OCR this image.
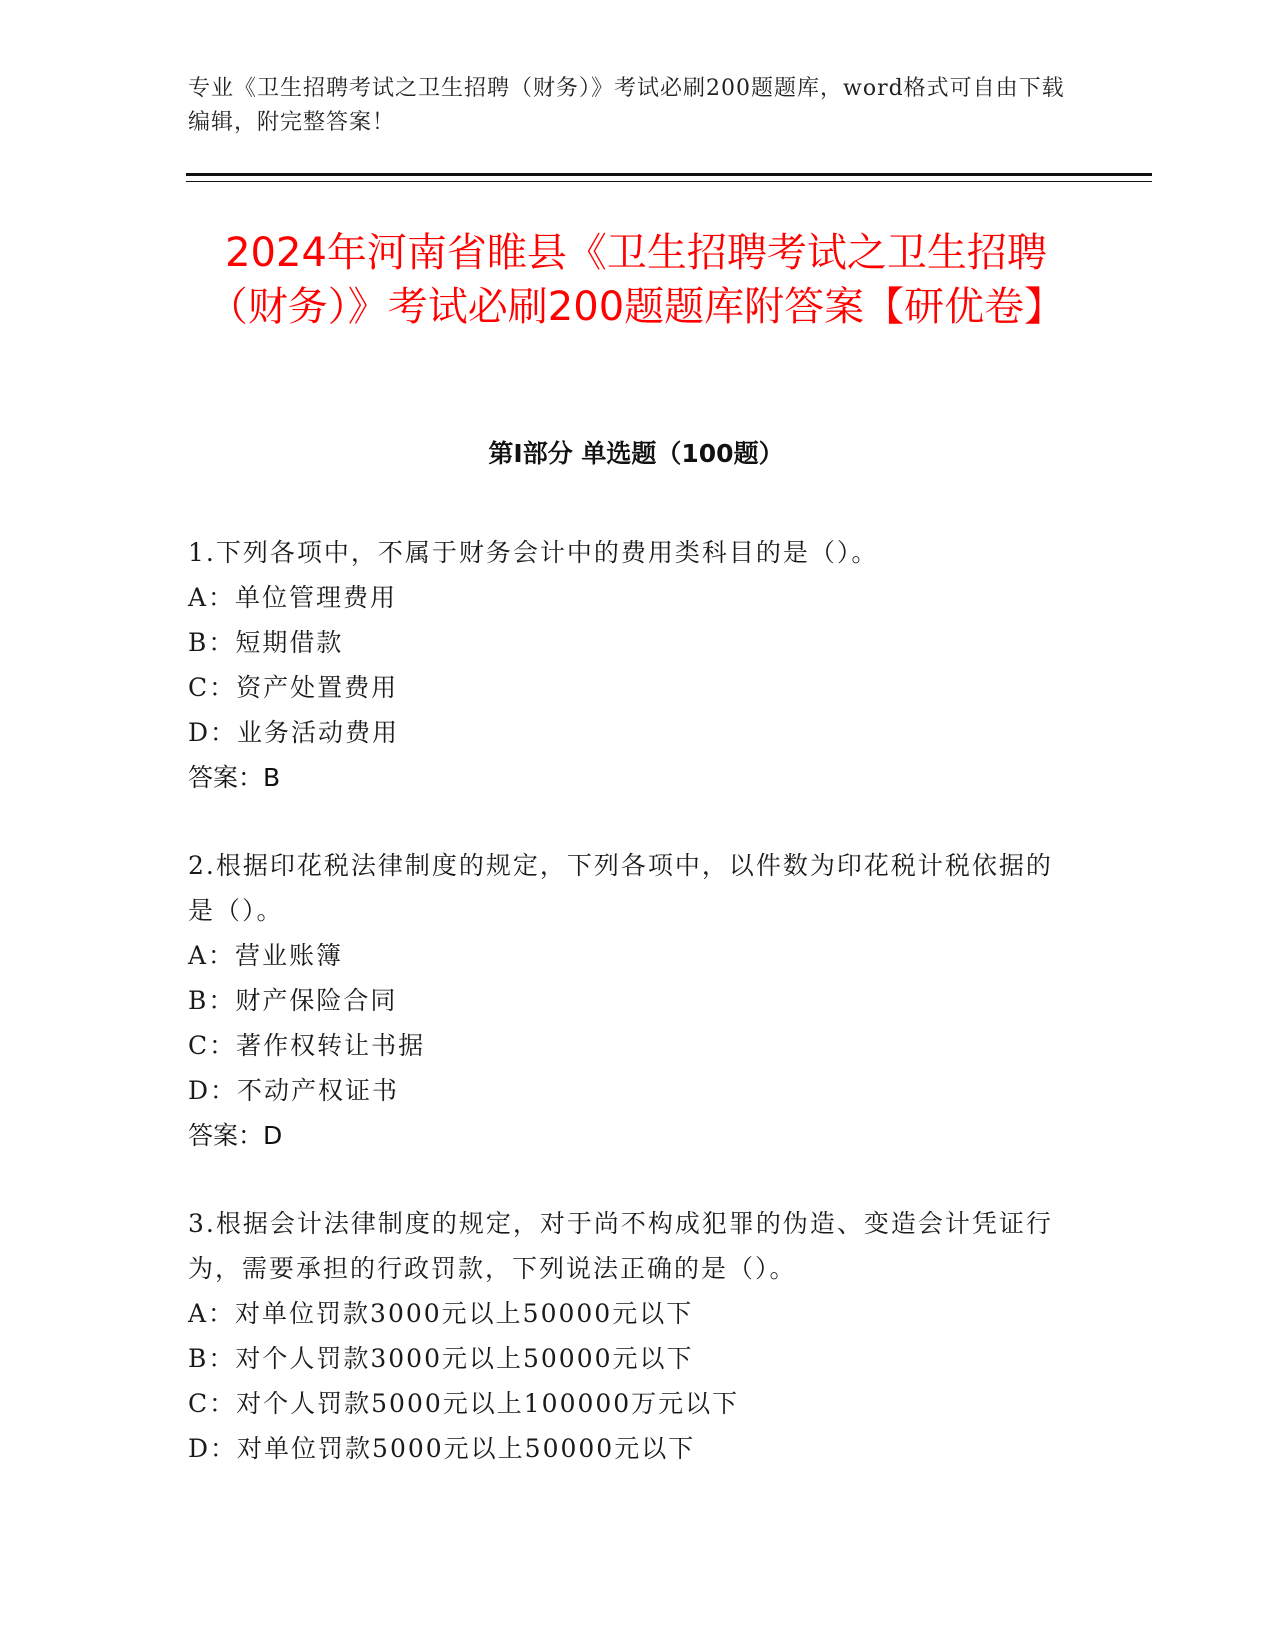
专业《卫生招聘考试之卫生招聘（财务）》考试必刷200题题库，word格式可自由下载编辑，附完整答案！
2024年河南省睢县《卫生招聘考试之卫生招聘（财务）》考试必刷200题题库附答案【研优卷】
第Ⅰ部分 单选题（100题）
1.下列各项中，不属于财务会计中的费用类科目的是（）。
A：单位管理费用
B：短期借款
C：资产处置费用
D：业务活动费用
答案：B
2.根据印花税法律制度的规定，下列各项中，以件数为印花税计税依据的是（）。
A：营业账簿
B：财产保险合同
C：著作权转让书据
D：不动产权证书
答案：D
3.根据会计法律制度的规定，对于尚不构成犯罪的伪造、变造会计凭证行为，需要承担的行政罚款，下列说法正确的是（）。
A：对单位罚款3000元以上50000元以下
B：对个人罚款3000元以上50000元以下
C：对个人罚款5000元以上100000万元以下
D：对单位罚款5000元以上50000元以下
